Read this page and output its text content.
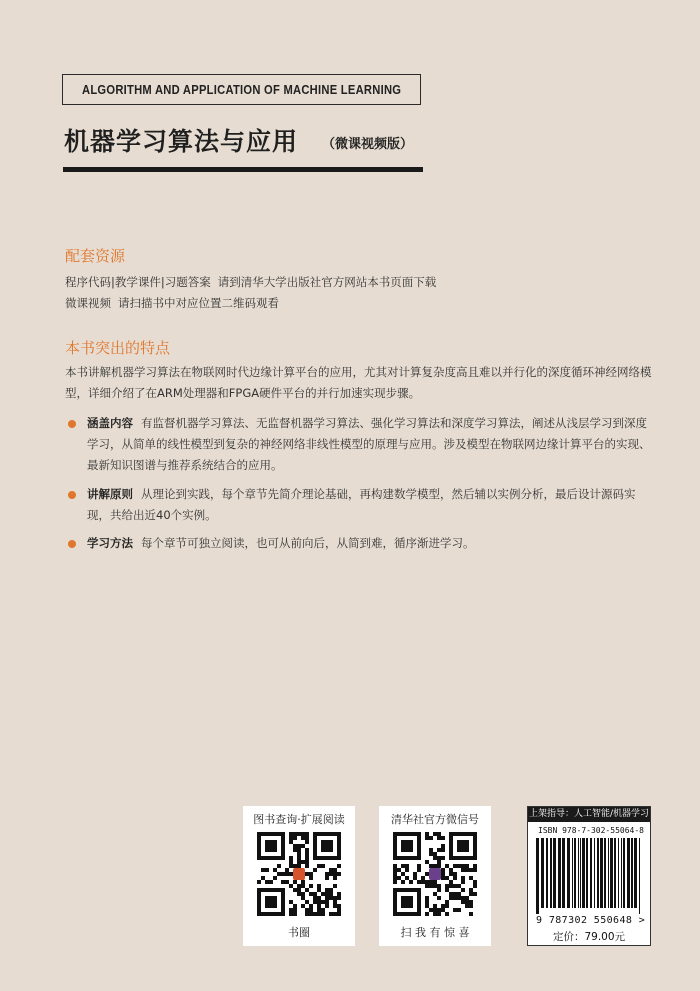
ALGORITHM AND APPLICATION OF MACHINE LEARNING
机器学习算法与应用 （微课视频版）
配套资源
程序代码|教学课件|习题答案 请到清华大学出版社官方网站本书页面下载
微课视频 请扫描书中对应位置二维码观看
本书突出的特点
本书讲解机器学习算法在物联网时代边缘计算平台的应用，尤其对计算复杂度高且难以并行化的深度循环神经网络模型，详细介绍了在ARM处理器和FPGA硬件平台的并行加速实现步骤。
涵盖内容 有监督机器学习算法、无监督机器学习算法、强化学习算法和深度学习算法，阐述从浅层学习到深度学习，从简单的线性模型到复杂的神经网络非线性模型的原理与应用。涉及模型在物联网边缘计算平台的实现、最新知识图谱与推荐系统结合的应用。
讲解原则 从理论到实践，每个章节先简介理论基础，再构建数学模型，然后辅以实例分析，最后设计源码实现，共给出近40个实例。
学习方法 每个章节可独立阅读，也可从前向后，从简到难，循序渐进学习。
图书查询·扩展阅读
书圈
清华社官方微信号
扫 我 有 惊 喜
上架指导：人工智能/机器学习
ISBN 978-7-302-55064-8
9 787302 550648 >
定价：79.00元
